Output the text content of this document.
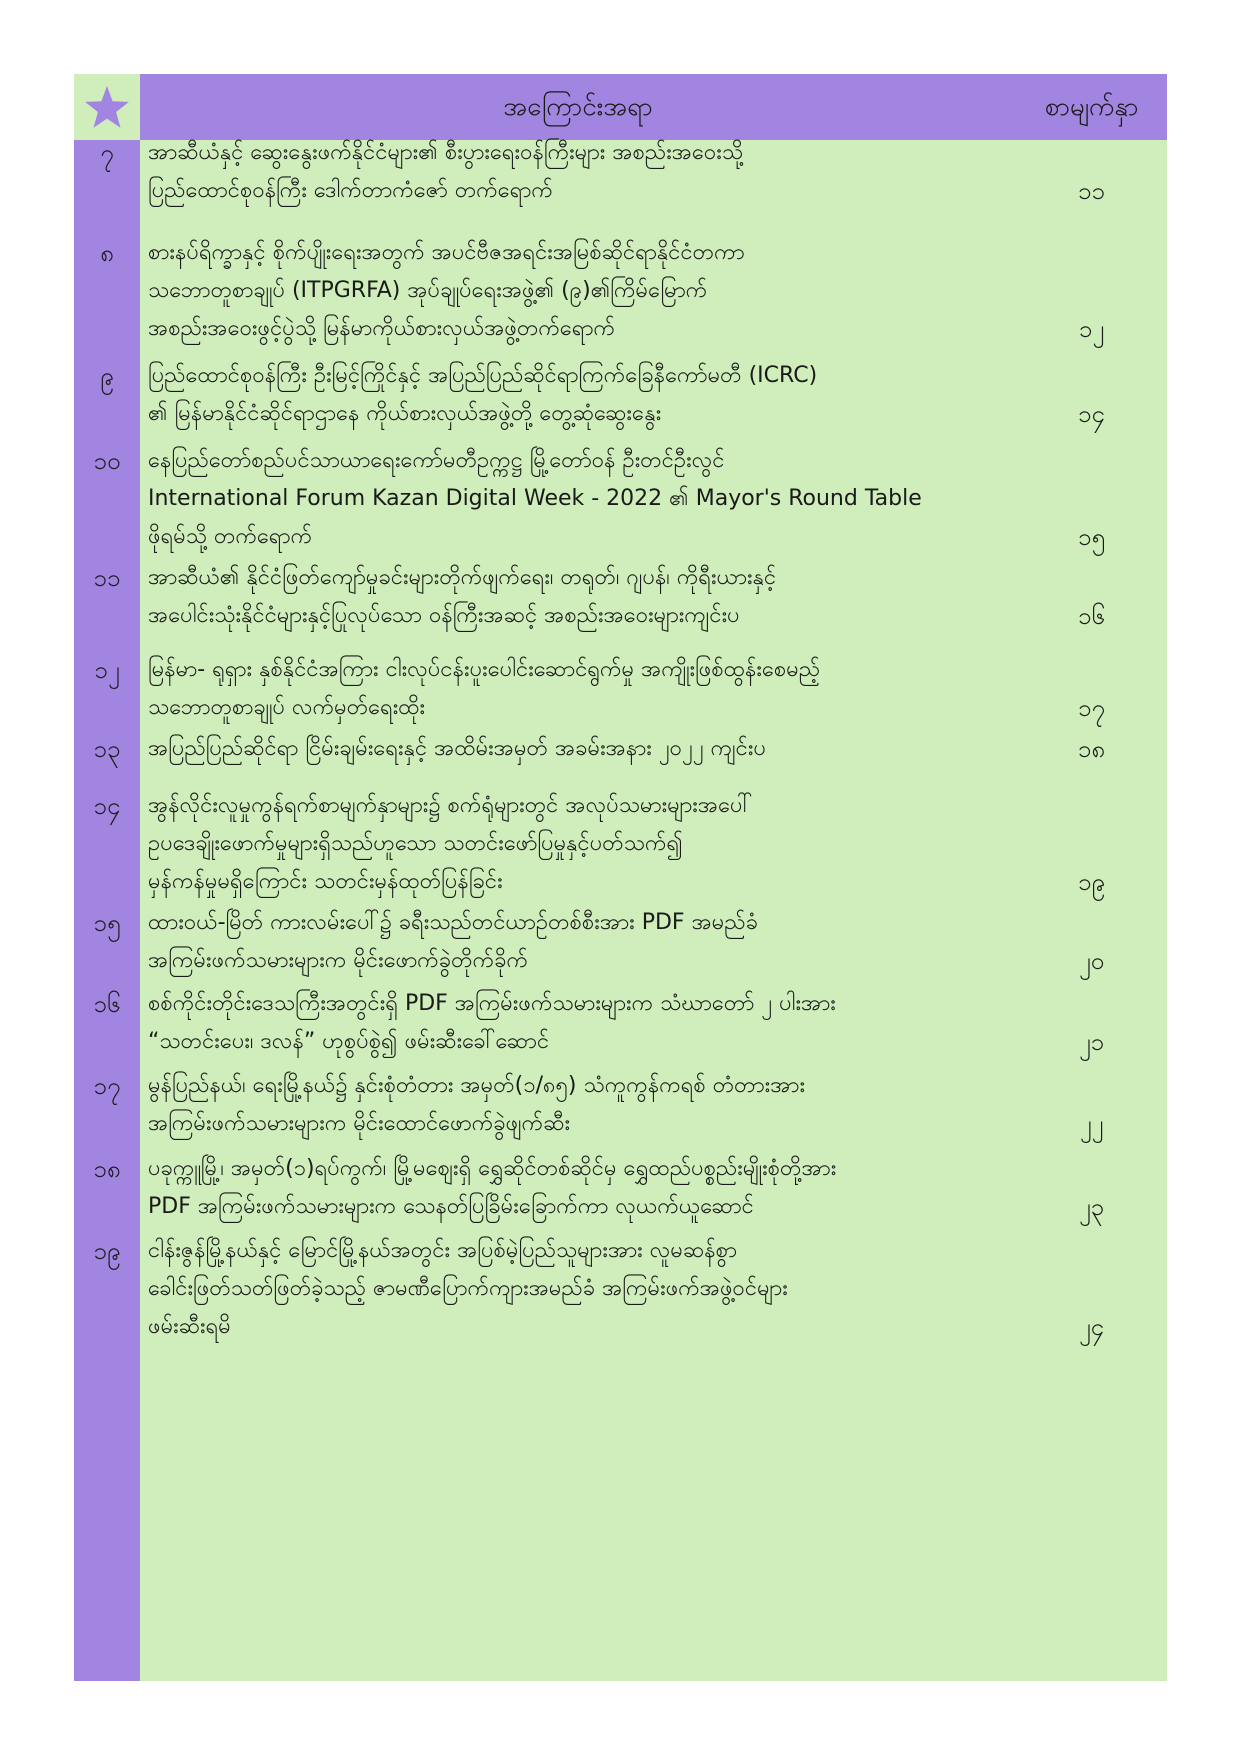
အကြောင်းအရာ	စာမျက်နှာ
၇	အာဆီယံနှင့် ဆွေးနွေးဖက်နိုင်ငံများ၏ စီးပွားရေးဝန်ကြီးများ အစည်းအဝေးသို့
ပြည်ထောင်စုဝန်ကြီး ဒေါက်တာကံဇော် တက်ရောက်	၁၁
၈	စားနပ်ရိက္ခာနှင့် စိုက်ပျိုးရေးအတွက် အပင်ဗီဇအရင်းအမြစ်ဆိုင်ရာနိုင်ငံတကာ
သဘောတူစာချုပ် (ITPGRFA) အုပ်ချုပ်ရေးအဖွဲ့၏ (၉)၏ကြိမ်မြောက်
အစည်းအဝေးဖွင့်ပွဲသို့ မြန်မာကိုယ်စားလှယ်အဖွဲ့တက်ရောက်	၁၂
၉	ပြည်ထောင်စုဝန်ကြီး ဦးမြင့်ကြိုင်နှင့် အပြည်ပြည်ဆိုင်ရာကြက်ခြေနီကော်မတီ (ICRC)
၏ မြန်မာနိုင်ငံဆိုင်ရာဌာနေ ကိုယ်စားလှယ်အဖွဲ့တို့ တွေ့ဆုံဆွေးနွေး	၁၄
၁၀	နေပြည်တော်စည်ပင်သာယာရေးကော်မတီဥက္ကဋ္ဌ မြို့တော်ဝန် ဦးတင်ဦးလွင်
International Forum Kazan Digital Week - 2022 ၏ Mayor's Round Table
ဖိုရမ်သို့ တက်ရောက်	၁၅
၁၁	အာဆီယံ၏ နိုင်ငံဖြတ်ကျော်မှုခင်းများတိုက်ဖျက်ရေး၊ တရုတ်၊ ဂျပန်၊ ကိုရီးယားနှင့်
အပေါင်းသုံးနိုင်ငံများနှင့်ပြုလုပ်သော ဝန်ကြီးအဆင့် အစည်းအဝေးများကျင်းပ	၁၆
၁၂	မြန်မာ- ရုရှား နှစ်နိုင်ငံအကြား ငါးလုပ်ငန်းပူးပေါင်းဆောင်ရွက်မှု အကျိုးဖြစ်ထွန်းစေမည့်
သဘောတူစာချုပ် လက်မှတ်ရေးထိုး	၁၇
၁၃	အပြည်ပြည်ဆိုင်ရာ ငြိမ်းချမ်းရေးနှင့် အထိမ်းအမှတ် အခမ်းအနား ၂၀၂၂ ကျင်းပ	၁၈
၁၄	အွန်လိုင်းလူမှုကွန်ရက်စာမျက်နှာများ၌ စက်ရုံများတွင် အလုပ်သမားများအပေါ်
ဥပဒေချိုးဖောက်မှုများရှိသည်ဟူသော သတင်းဖော်ပြမှုနှင့်ပတ်သက်၍
မှန်ကန်မှုမရှိကြောင်း သတင်းမှန်ထုတ်ပြန်ခြင်း	၁၉
၁၅	ထားဝယ်-မြိတ် ကားလမ်းပေါ်၌ ခရီးသည်တင်ယာဉ်တစ်စီးအား PDF အမည်ခံ
အကြမ်းဖက်သမားများက မိုင်းဖောက်ခွဲတိုက်ခိုက်	၂၀
၁၆	စစ်ကိုင်းတိုင်းဒေသကြီးအတွင်းရှိ PDF အကြမ်းဖက်သမားများက သံဃာတော် ၂ ပါးအား
“သတင်းပေး၊ ဒလန်” ဟုစွပ်စွဲ၍ ဖမ်းဆီးခေါ်ဆောင်	၂၁
၁၇	မွန်ပြည်နယ်၊ ရေးမြို့နယ်၌ နှင်းစုံတံတား အမှတ်(၁/၈၅) သံကူကွန်ကရစ် တံတားအား
အကြမ်းဖက်သမားများက မိုင်းထောင်ဖောက်ခွဲဖျက်ဆီး	၂၂
၁၈	ပခုက္ကူမြို့၊ အမှတ်(၁)ရပ်ကွက်၊ မြို့မဈေးရှိ ရွှေဆိုင်တစ်ဆိုင်မှ ရွှေထည်ပစ္စည်းမျိုးစုံတို့အား
PDF အကြမ်းဖက်သမားများက သေနတ်ပြခြိမ်းခြောက်ကာ လုယက်ယူဆောင်	၂၃
၁၉	ငါန်းဇွန်မြို့နယ်နှင့် မြောင်မြို့နယ်အတွင်း အပြစ်မဲ့ပြည်သူများအား လူမဆန်စွာ
ခေါင်းဖြတ်သတ်ဖြတ်ခဲ့သည့် ဇာမဏီပြောက်ကျားအမည်ခံ အကြမ်းဖက်အဖွဲ့ဝင်များ
ဖမ်းဆီးရမိ	၂၄
